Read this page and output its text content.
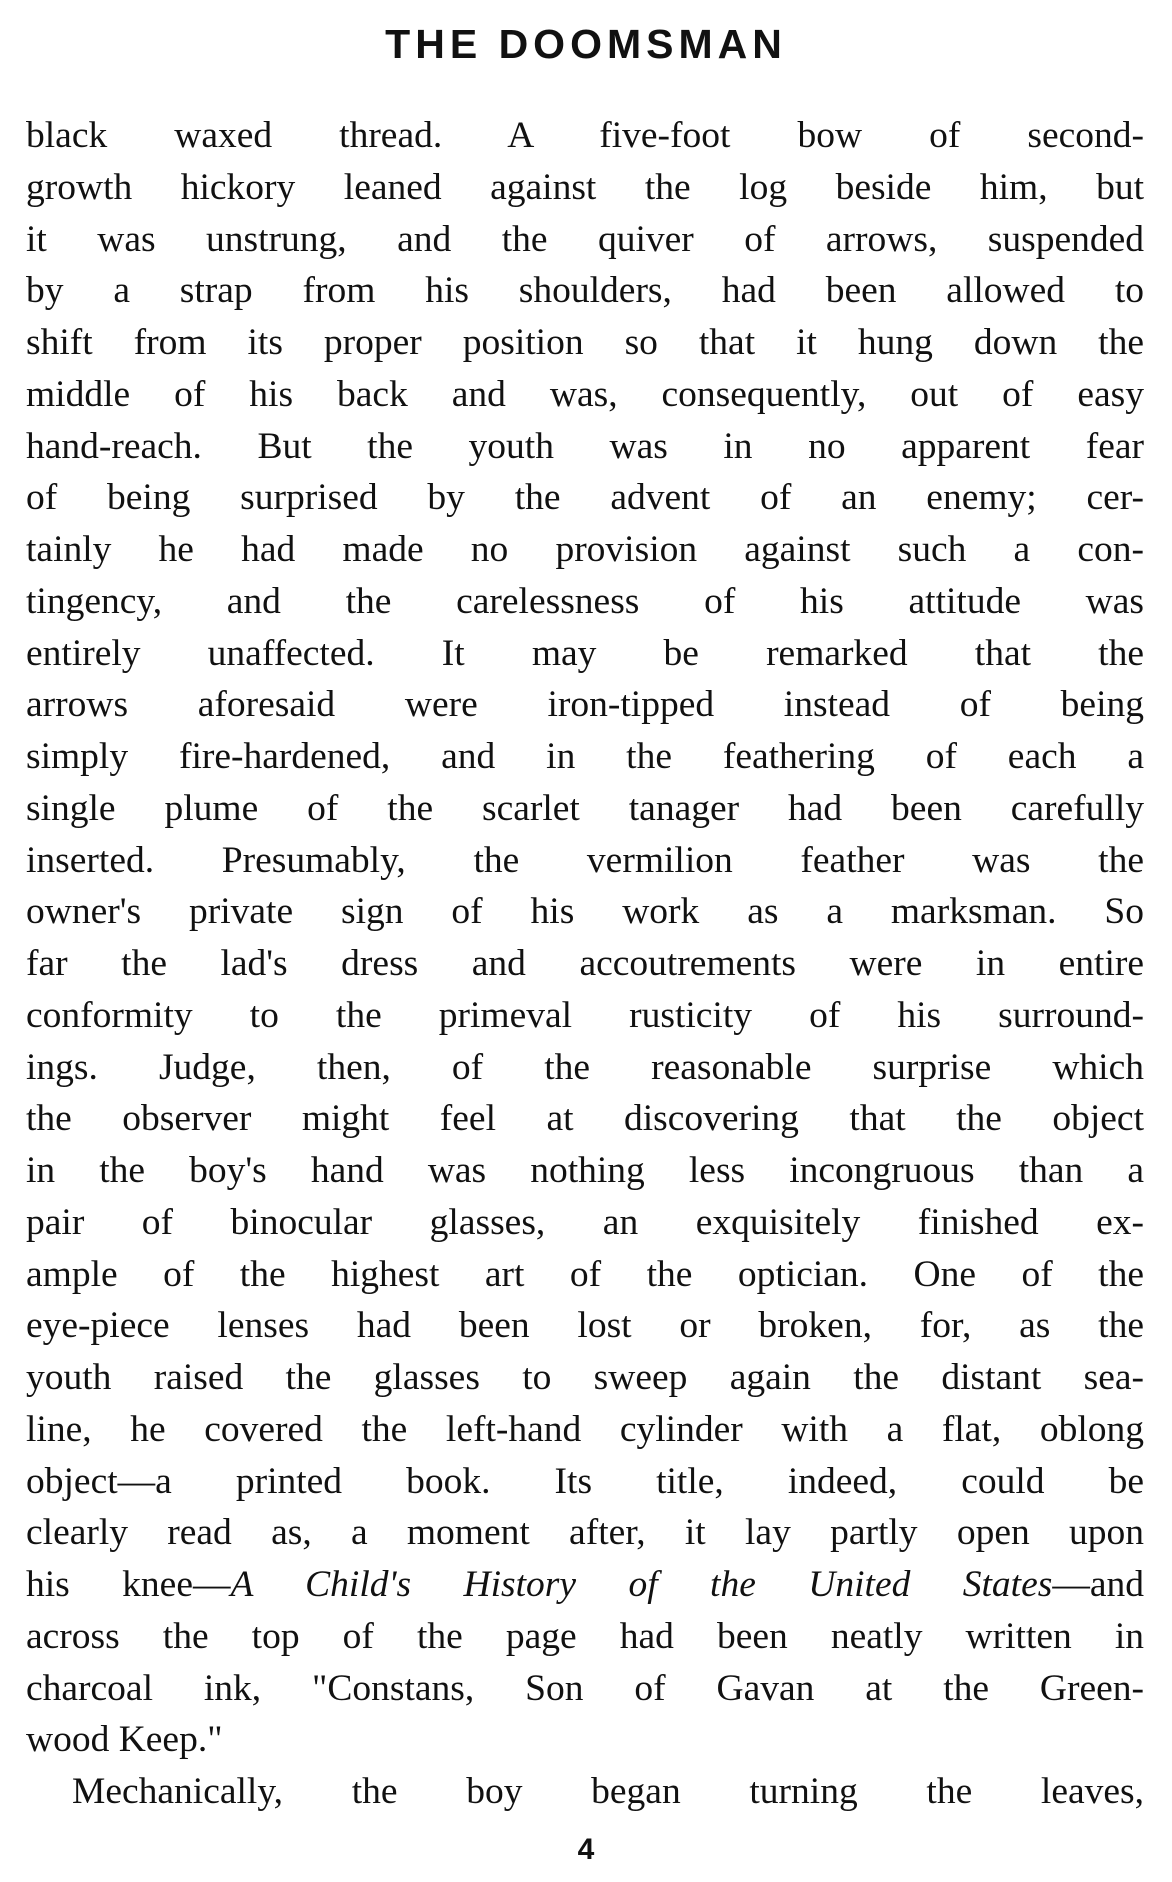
THE DOOMSMAN
black waxed thread. A five-foot bow of second-
growth hickory leaned against the log beside him, but
it was unstrung, and the quiver of arrows, suspended
by a strap from his shoulders, had been allowed to
shift from its proper position so that it hung down the
middle of his back and was, consequently, out of easy
hand-reach. But the youth was in no apparent fear
of being surprised by the advent of an enemy; cer-
tainly he had made no provision against such a con-
tingency, and the carelessness of his attitude was
entirely unaffected. It may be remarked that the
arrows aforesaid were iron-tipped instead of being
simply fire-hardened, and in the feathering of each a
single plume of the scarlet tanager had been carefully
inserted. Presumably, the vermilion feather was the
owner's private sign of his work as a marksman. So
far the lad's dress and accoutrements were in entire
conformity to the primeval rusticity of his surround-
ings. Judge, then, of the reasonable surprise which
the observer might feel at discovering that the object
in the boy's hand was nothing less incongruous than a
pair of binocular glasses, an exquisitely finished ex-
ample of the highest art of the optician. One of the
eye-piece lenses had been lost or broken, for, as the
youth raised the glasses to sweep again the distant sea-
line, he covered the left-hand cylinder with a flat, oblong
object—a printed book. Its title, indeed, could be
clearly read as, a moment after, it lay partly open upon
his knee—A Child's History of the United States—and
across the top of the page had been neatly written in
charcoal ink, "Constans, Son of Gavan at the Green-
wood Keep."
Mechanically, the boy began turning the leaves,
4
